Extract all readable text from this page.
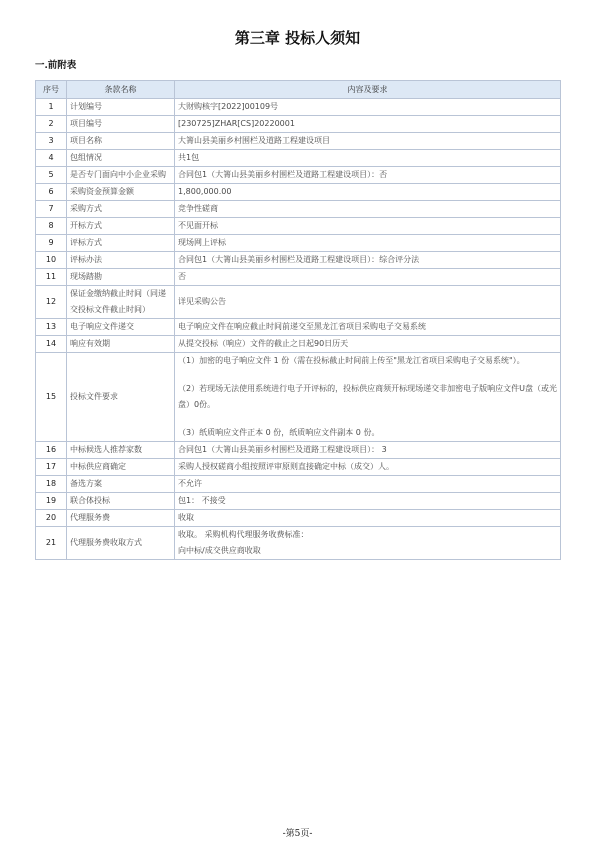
第三章 投标人须知
一.前附表
序号	条款名称	内容及要求
1	计划编号	大财购核字[2022]00109号
2	项目编号	[230725]ZHAR[CS]20220001
3	项目名称	大箐山县美丽乡村围栏及道路工程建设项目
4	包组情况	共1包
5	是否专门面向中小企业采购	合同包1（大箐山县美丽乡村围栏及道路工程建设项目）：否
6	采购资金预算金额	1,800,000.00
7	采购方式	竞争性磋商
8	开标方式	不见面开标
9	评标方式	现场网上评标
10	评标办法	合同包1（大箐山县美丽乡村围栏及道路工程建设项目）：综合评分法
11	现场踏勘	否
12	保证金缴纳截止时间（同递交投标文件截止时间）	详见采购公告
13	电子响应文件递交	电子响应文件在响应截止时间前递交至黑龙江省项目采购电子交易系统
14	响应有效期	从提交投标（响应）文件的截止之日起90日历天
15	投标文件要求	（1）加密的电子响应文件 1 份（需在投标截止时间前上传至"黑龙江省项目采购电子交易系统"）。
（2）若现场无法使用系统进行电子开评标的，投标供应商须开标现场递交非加密电子版响应文件U盘（或光盘）0份。
（3）纸质响应文件正本 0 份，纸质响应文件副本 0 份。

16	中标候选人推荐家数	合同包1（大箐山县美丽乡村围栏及道路工程建设项目）： 3
17	中标供应商确定	采购人授权磋商小组按照评审原则直接确定中标（成交）人。
18	备选方案	不允许
19	联合体投标	包1： 不接受
20	代理服务费	收取
21	代理服务费收取方式	收取。 采购机构代理服务收费标准：
向中标/成交供应商收取
-第5页-
